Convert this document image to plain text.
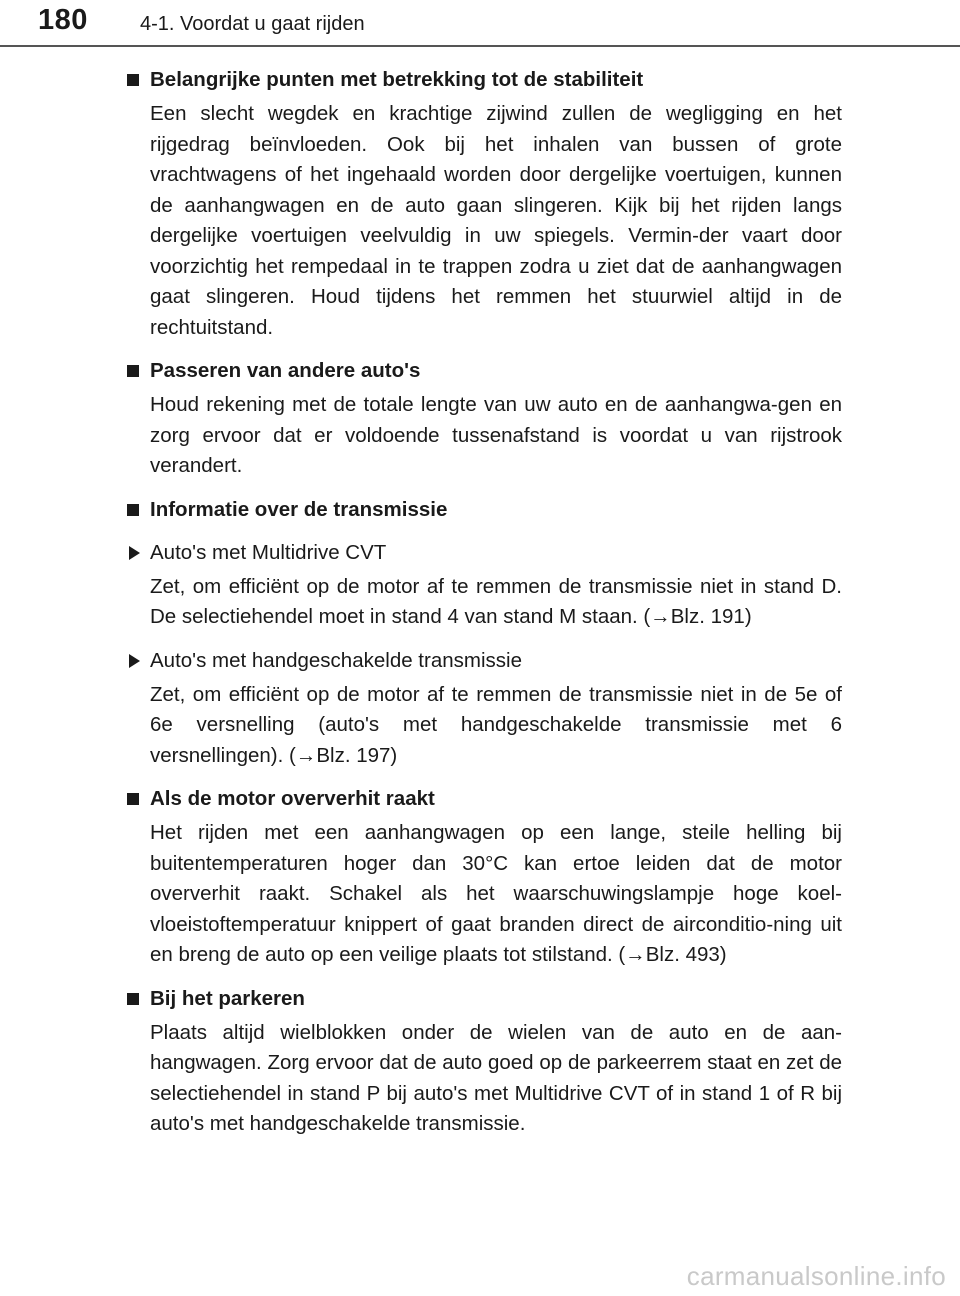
180	4-1. Voordat u gaat rijden
Belangrijke punten met betrekking tot de stabiliteit

Een slecht wegdek en krachtige zijwind zullen de wegligging en het rijgedrag beïnvloeden. Ook bij het inhalen van bussen of grote vrachtwagens of het ingehaald worden door dergelijke voertuigen, kunnen de aanhangwagen en de auto gaan slingeren. Kijk bij het rijden langs dergelijke voertuigen veelvuldig in uw spiegels. Vermin-der vaart door voorzichtig het rempedaal in te trappen zodra u ziet dat de aanhangwagen gaat slingeren. Houd tijdens het remmen het stuurwiel altijd in de rechtuitstand.

Passeren van andere auto's

Houd rekening met de totale lengte van uw auto en de aanhangwa-gen en zorg ervoor dat er voldoende tussenafstand is voordat u van rijstrook verandert.

Informatie over de transmissie
Auto's met Multidrive CVT

Zet, om efficiënt op de motor af te remmen de transmissie niet in stand D. De selectiehendel moet in stand 4 van stand M staan. (→Blz. 191)

Auto's met handgeschakelde transmissie

Zet, om efficiënt op de motor af te remmen de transmissie niet in de 5e of 6e versnelling (auto's met handgeschakelde transmissie met 6 versnellingen). (→Blz. 197)

Als de motor oververhit raakt

Het rijden met een aanhangwagen op een lange, steile helling bij buitentemperaturen hoger dan 30°C kan ertoe leiden dat de motor oververhit raakt. Schakel als het waarschuwingslampje hoge koel-vloeistoftemperatuur knippert of gaat branden direct de airconditio-ning uit en breng de auto op een veilige plaats tot stilstand. (→Blz. 493)

Bij het parkeren

Plaats altijd wielblokken onder de wielen van de auto en de aan-hangwagen. Zorg ervoor dat de auto goed op de parkeerrem staat en zet de selectiehendel in stand P bij auto's met Multidrive CVT of in stand 1 of R bij auto's met handgeschakelde transmissie.

carmanualsonline.info
